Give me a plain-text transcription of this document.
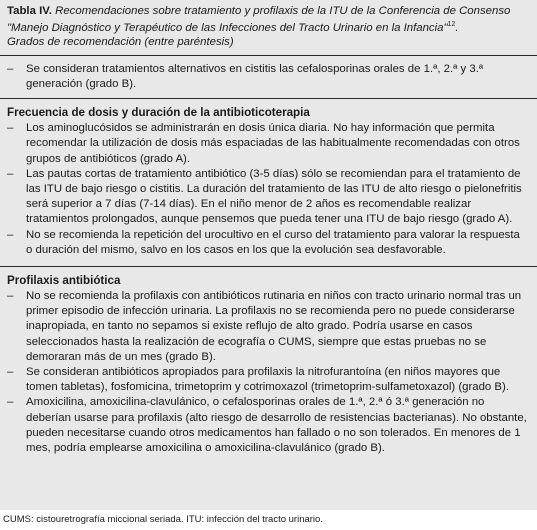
Tabla IV. Recomendaciones sobre tratamiento y profilaxis de la ITU de la Conferencia de Consenso
"Manejo Diagnóstico y Terapéutico de las Infecciones del Tracto Urinario en la Infancia"$^{12}$.
Grados de recomendación (entre paréntesis)
– Se consideran tratamientos alternativos en cistitis las cefalosporinas orales de 1.ª, 2.ª y 3.ª generación (grado B).
Frecuencia de dosis y duración de la antibioticoterapia
– Los aminoglucósidos se administrarán en dosis única diaria. No hay información que permita recomendar la utilización de dosis más espaciadas de las habitualmente recomendadas con otros grupos de antibióticos (grado A).
– Las pautas cortas de tratamiento antibiótico (3-5 días) sólo se recomiendan para el tratamiento de las ITU de bajo riesgo o cistitis. La duración del tratamiento de las ITU de alto riesgo o pielonefritis será superior a 7 días (7-14 días). En el niño menor de 2 años es recomendable realizar tratamientos prolongados, aunque pensemos que pueda tener una ITU de bajo riesgo (grado A).
– No se recomienda la repetición del urocultivo en el curso del tratamiento para valorar la respuesta o duración del mismo, salvo en los casos en los que la evolución sea desfavorable.
Profilaxis antibiótica
– No se recomienda la profilaxis con antibióticos rutinaria en niños con tracto urinario normal tras un primer episodio de infección urinaria. La profilaxis no se recomienda pero no puede considerarse inapropiada, en tanto no sepamos si existe reflujo de alto grado. Podría usarse en casos seleccionados hasta la realización de ecografía o CUMS, siempre que estas pruebas no se demoraran más de un mes (grado B).
– Se consideran antibióticos apropiados para profilaxis la nitrofurantoína (en niños mayores que tomen tabletas), fosfomicina, trimetoprim y cotrimoxazol (trimetoprim-sulfametoxazol) (grado B).
– Amoxicilina, amoxicilina-clavulánico, o cefalosporinas orales de 1.ª, 2.ª ó 3.ª generación no deberían usarse para profilaxis (alto riesgo de desarrollo de resistencias bacterianas). No obstante, pueden necesitarse cuando otros medicamentos han fallado o no son tolerados. En menores de 1 mes, podría emplearse amoxicilina o amoxicilina-clavulánico (grado B).
CUMS: cistouretrografía miccional seriada. ITU: infección del tracto urinario.
